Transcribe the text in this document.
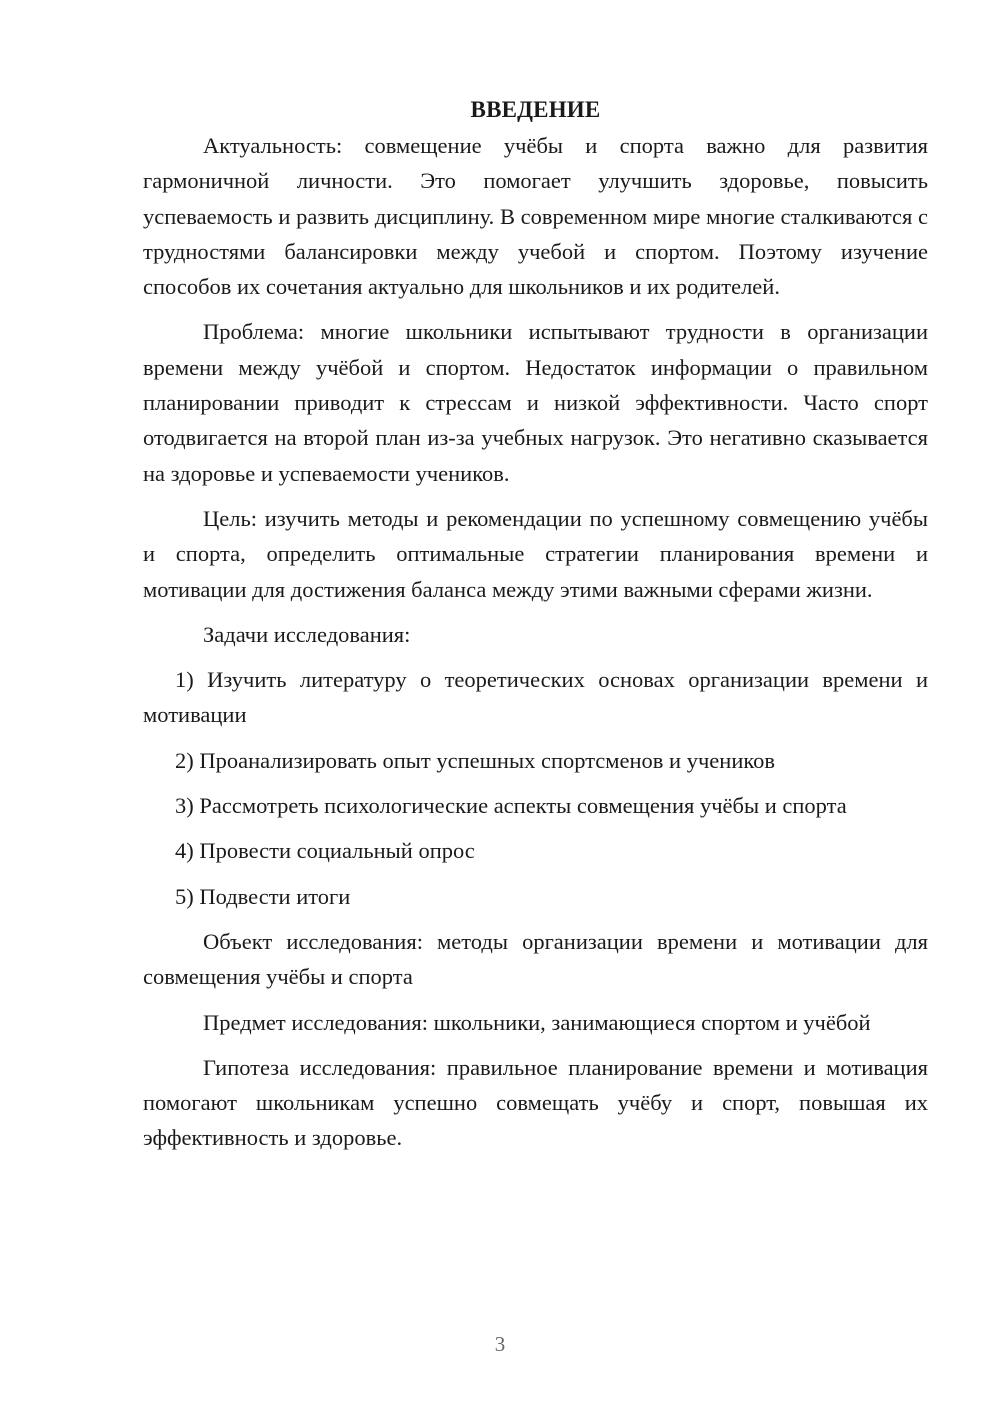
ВВЕДЕНИЕ

Актуальность: совмещение учёбы и спорта важно для развития гармоничной личности. Это помогает улучшить здоровье, повысить успеваемость и развить дисциплину. В современном мире многие сталкиваются с трудностями балансировки между учебой и спортом. Поэтому изучение способов их сочетания актуально для школьников и их родителей.

Проблема: многие школьники испытывают трудности в организации времени между учёбой и спортом. Недостаток информации о правильном планировании приводит к стрессам и низкой эффективности. Часто спорт отодвигается на второй план из-за учебных нагрузок. Это негативно сказывается на здоровье и успеваемости учеников.

Цель: изучить методы и рекомендации по успешному совмещению учёбы и спорта, определить оптимальные стратегии планирования времени и мотивации для достижения баланса между этими важными сферами жизни.

Задачи исследования:

1) Изучить литературу о теоретических основах организации времени и мотивации

2) Проанализировать опыт успешных спортсменов и учеников

3) Рассмотреть психологические аспекты совмещения учёбы и спорта

4) Провести социальный опрос

5) Подвести итоги

Объект исследования: методы организации времени и мотивации для совмещения учёбы и спорта

Предмет исследования: школьники, занимающиеся спортом и учёбой

Гипотеза исследования: правильное планирование времени и мотивация помогают школьникам успешно совмещать учёбу и спорт, повышая их эффективность и здоровье.

3
